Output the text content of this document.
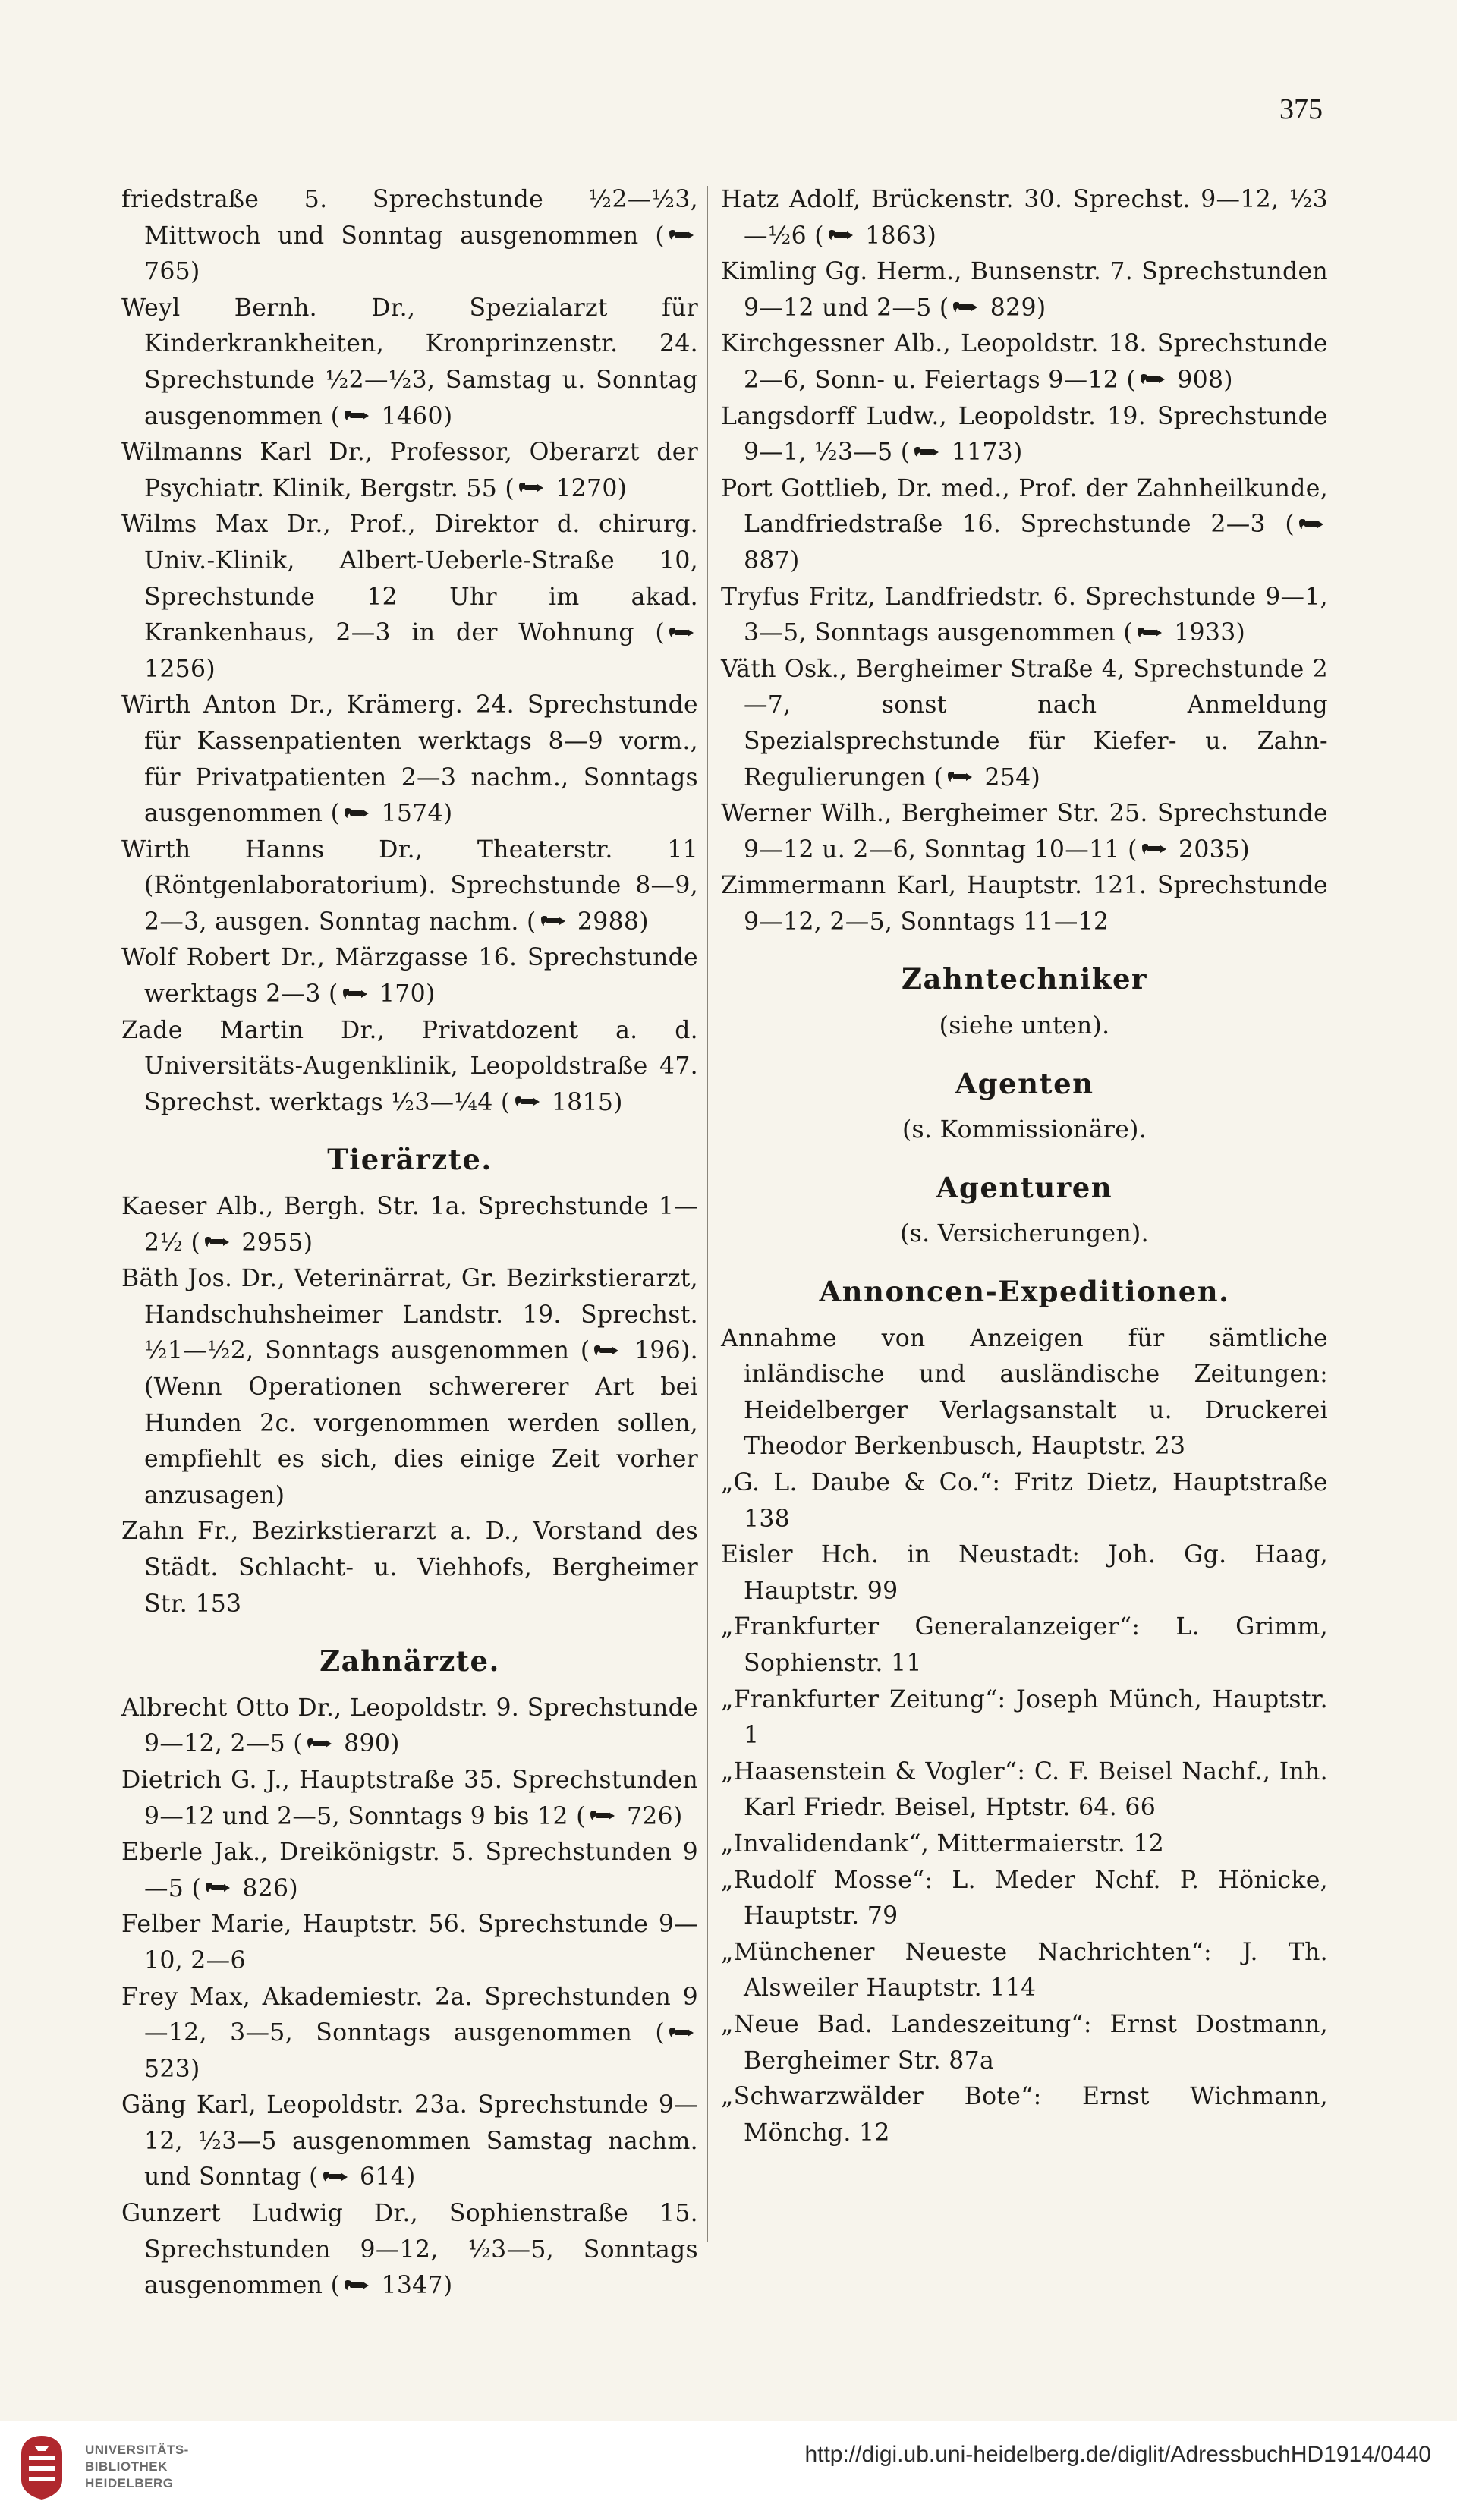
375

friedstraße 5. Sprechstunde ½2—½3, Mittwoch und Sonntag ausgenommen ( 765)

Weyl Bernh. Dr., Spezialarzt für Kinderkrankheiten, Kronprinzenstr. 24. Sprechstunde ½2—½3, Samstag u. Sonntag ausgenommen ( 1460)

Wilmanns Karl Dr., Professor, Oberarzt der Psychiatr. Klinik, Bergstr. 55 ( 1270)

Wilms Max Dr., Prof., Direktor d. chirurg. Univ.-Klinik, Albert-Ueberle-Straße 10, Sprechstunde 12 Uhr im akad. Krankenhaus, 2—3 in der Wohnung ( 1256)

Wirth Anton Dr., Krämerg. 24. Sprechstunde für Kassenpatienten werktags 8—9 vorm., für Privatpatienten 2—3 nachm., Sonntags ausgenommen ( 1574)

Wirth Hanns Dr., Theaterstr. 11 (Röntgenlaboratorium). Sprechstunde 8—9, 2—3, ausgen. Sonntag nachm. ( 2988)

Wolf Robert Dr., Märzgasse 16. Sprechstunde werktags 2—3 ( 170)

Zade Martin Dr., Privatdozent a. d. Universitäts-Augenklinik, Leopoldstraße 47. Sprechst. werktags ½3—¼4 ( 1815)

Tierärzte.

Kaeser Alb., Bergh. Str. 1a. Sprechstunde 1—2½ ( 2955)

Bäth Jos. Dr., Veterinärrat, Gr. Bezirkstierarzt, Handschuhsheimer Landstr. 19. Sprechst. ½1—½2, Sonntags ausgenommen ( 196). (Wenn Operationen schwererer Art bei Hunden 2c. vorgenommen werden sollen, empfiehlt es sich, dies einige Zeit vorher anzusagen)

Zahn Fr., Bezirkstierarzt a. D., Vorstand des Städt. Schlacht- u. Viehhofs, Bergheimer Str. 153

Zahnärzte.

Albrecht Otto Dr., Leopoldstr. 9. Sprechstunde 9—12, 2—5 ( 890)

Dietrich G. J., Hauptstraße 35. Sprechstunden 9—12 und 2—5, Sonntags 9 bis 12 ( 726)

Eberle Jak., Dreikönigstr. 5. Sprechstunden 9—5 ( 826)

Felber Marie, Hauptstr. 56. Sprechstunde 9—10, 2—6

Frey Max, Akademiestr. 2a. Sprechstunden 9—12, 3—5, Sonntags ausgenommen ( 523)

Gäng Karl, Leopoldstr. 23a. Sprechstunde 9—12, ½3—5 ausgenommen Samstag nachm. und Sonntag ( 614)

Gunzert Ludwig Dr., Sophienstraße 15. Sprechstunden 9—12, ½3—5, Sonntags ausgenommen ( 1347)

Hatz Adolf, Brückenstr. 30. Sprechst. 9—12, ½3—½6 ( 1863)

Kimling Gg. Herm., Bunsenstr. 7. Sprechstunden 9—12 und 2—5 ( 829)

Kirchgessner Alb., Leopoldstr. 18. Sprechstunde 2—6, Sonn- u. Feiertags 9—12 ( 908)

Langsdorff Ludw., Leopoldstr. 19. Sprechstunde 9—1, ½3—5 ( 1173)

Port Gottlieb, Dr. med., Prof. der Zahnheilkunde, Landfriedstraße 16. Sprechstunde 2—3 ( 887)

Tryfus Fritz, Landfriedstr. 6. Sprechstunde 9—1, 3—5, Sonntags ausgenommen ( 1933)

Väth Osk., Bergheimer Straße 4, Sprechstunde 2—7, sonst nach Anmeldung Spezialsprechstunde für Kiefer- u. Zahn-Regulierungen ( 254)

Werner Wilh., Bergheimer Str. 25. Sprechstunde 9—12 u. 2—6, Sonntag 10—11 ( 2035)

Zimmermann Karl, Hauptstr. 121. Sprechstunde 9—12, 2—5, Sonntags 11—12

Zahntechniker

(siehe unten).

Agenten

(s. Kommissionäre).

Agenturen

(s. Versicherungen).

Annoncen-Expeditionen.

Annahme von Anzeigen für sämtliche inländische und ausländische Zeitungen: Heidelberger Verlagsanstalt u. Druckerei Theodor Berkenbusch, Hauptstr. 23

„G. L. Daube & Co.“: Fritz Dietz, Hauptstraße 138

Eisler Hch. in Neustadt: Joh. Gg. Haag, Hauptstr. 99

„Frankfurter Generalanzeiger“: L. Grimm, Sophienstr. 11

„Frankfurter Zeitung“: Joseph Münch, Hauptstr. 1

„Haasenstein & Vogler“: C. F. Beisel Nachf., Inh. Karl Friedr. Beisel, Hptstr. 64. 66

„Invalidendank“, Mittermaierstr. 12

„Rudolf Mosse“: L. Meder Nchf. P. Hönicke, Hauptstr. 79

„Münchener Neueste Nachrichten“: J. Th. Alsweiler Hauptstr. 114

„Neue Bad. Landeszeitung“: Ernst Dostmann, Bergheimer Str. 87a

„Schwarzwälder Bote“: Ernst Wichmann, Mönchg. 12

UNIVERSITÄTS-
BIBLIOTHEK
HEIDELBERG
http://digi.ub.uni-heidelberg.de/diglit/AdressbuchHD1914/0440
